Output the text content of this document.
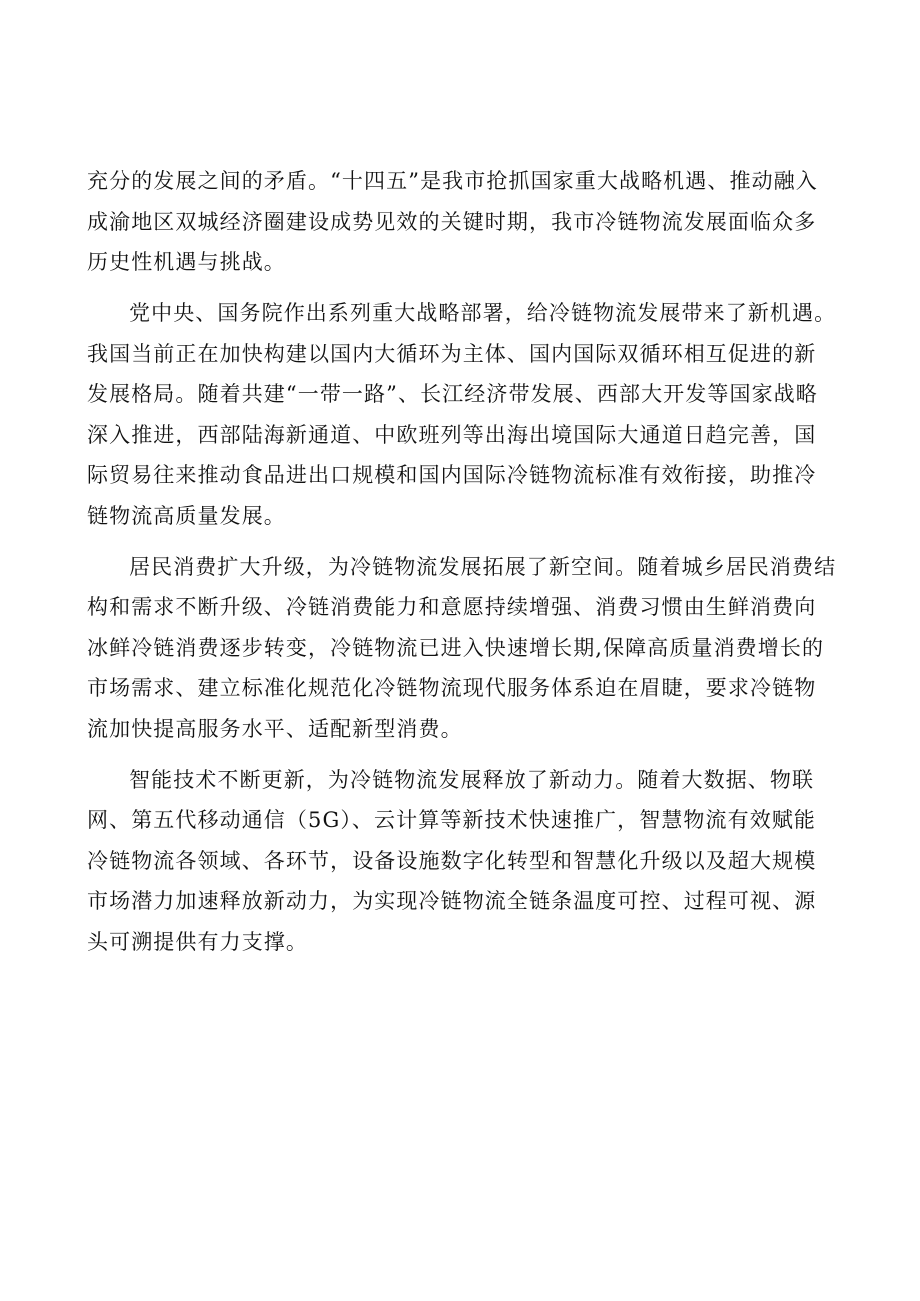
充分的发展之间的矛盾。“十四五”是我市抢抓国家重大战略机遇、推动融入成渝地区双城经济圈建设成势见效的关键时期，我市冷链物流发展面临众多历史性机遇与挑战。

党中央、国务院作出系列重大战略部署，给冷链物流发展带来了新机遇。我国当前正在加快构建以国内大循环为主体、国内国际双循环相互促进的新发展格局。随着共建“一带一路”、长江经济带发展、西部大开发等国家战略深入推进，西部陆海新通道、中欧班列等出海出境国际大通道日趋完善，国际贸易往来推动食品进出口规模和国内国际冷链物流标准有效衔接，助推冷链物流高质量发展。

居民消费扩大升级，为冷链物流发展拓展了新空间。随着城乡居民消费结构和需求不断升级、冷链消费能力和意愿持续增强、消费习惯由生鲜消费向冰鲜冷链消费逐步转变，冷链物流已进入快速增长期,保障高质量消费增长的市场需求、建立标准化规范化冷链物流现代服务体系迫在眉睫，要求冷链物流加快提高服务水平、适配新型消费。

智能技术不断更新，为冷链物流发展释放了新动力。随着大数据、物联网、第五代移动通信（5G）、云计算等新技术快速推广，智慧物流有效赋能冷链物流各领域、各环节，设备设施数字化转型和智慧化升级以及超大规模市场潜力加速释放新动力，为实现冷链物流全链条温度可控、过程可视、源头可溯提供有力支撑。
